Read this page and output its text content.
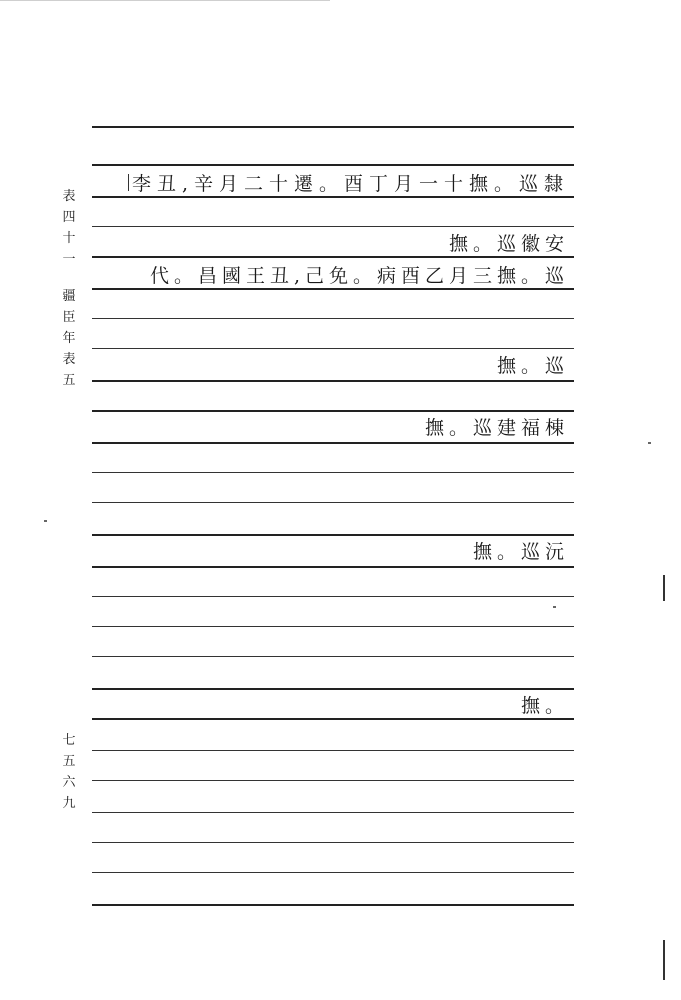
表
四
十
一
疆
臣
年
表
五
七
五
六
九
李丑,辛月二十遷。酉丁月一十撫。巡隸
撫。巡徽安
代。昌國王丑,己免。病酉乙月三撫。巡
撫。巡
撫。巡建福棟
撫。巡沅
撫。
